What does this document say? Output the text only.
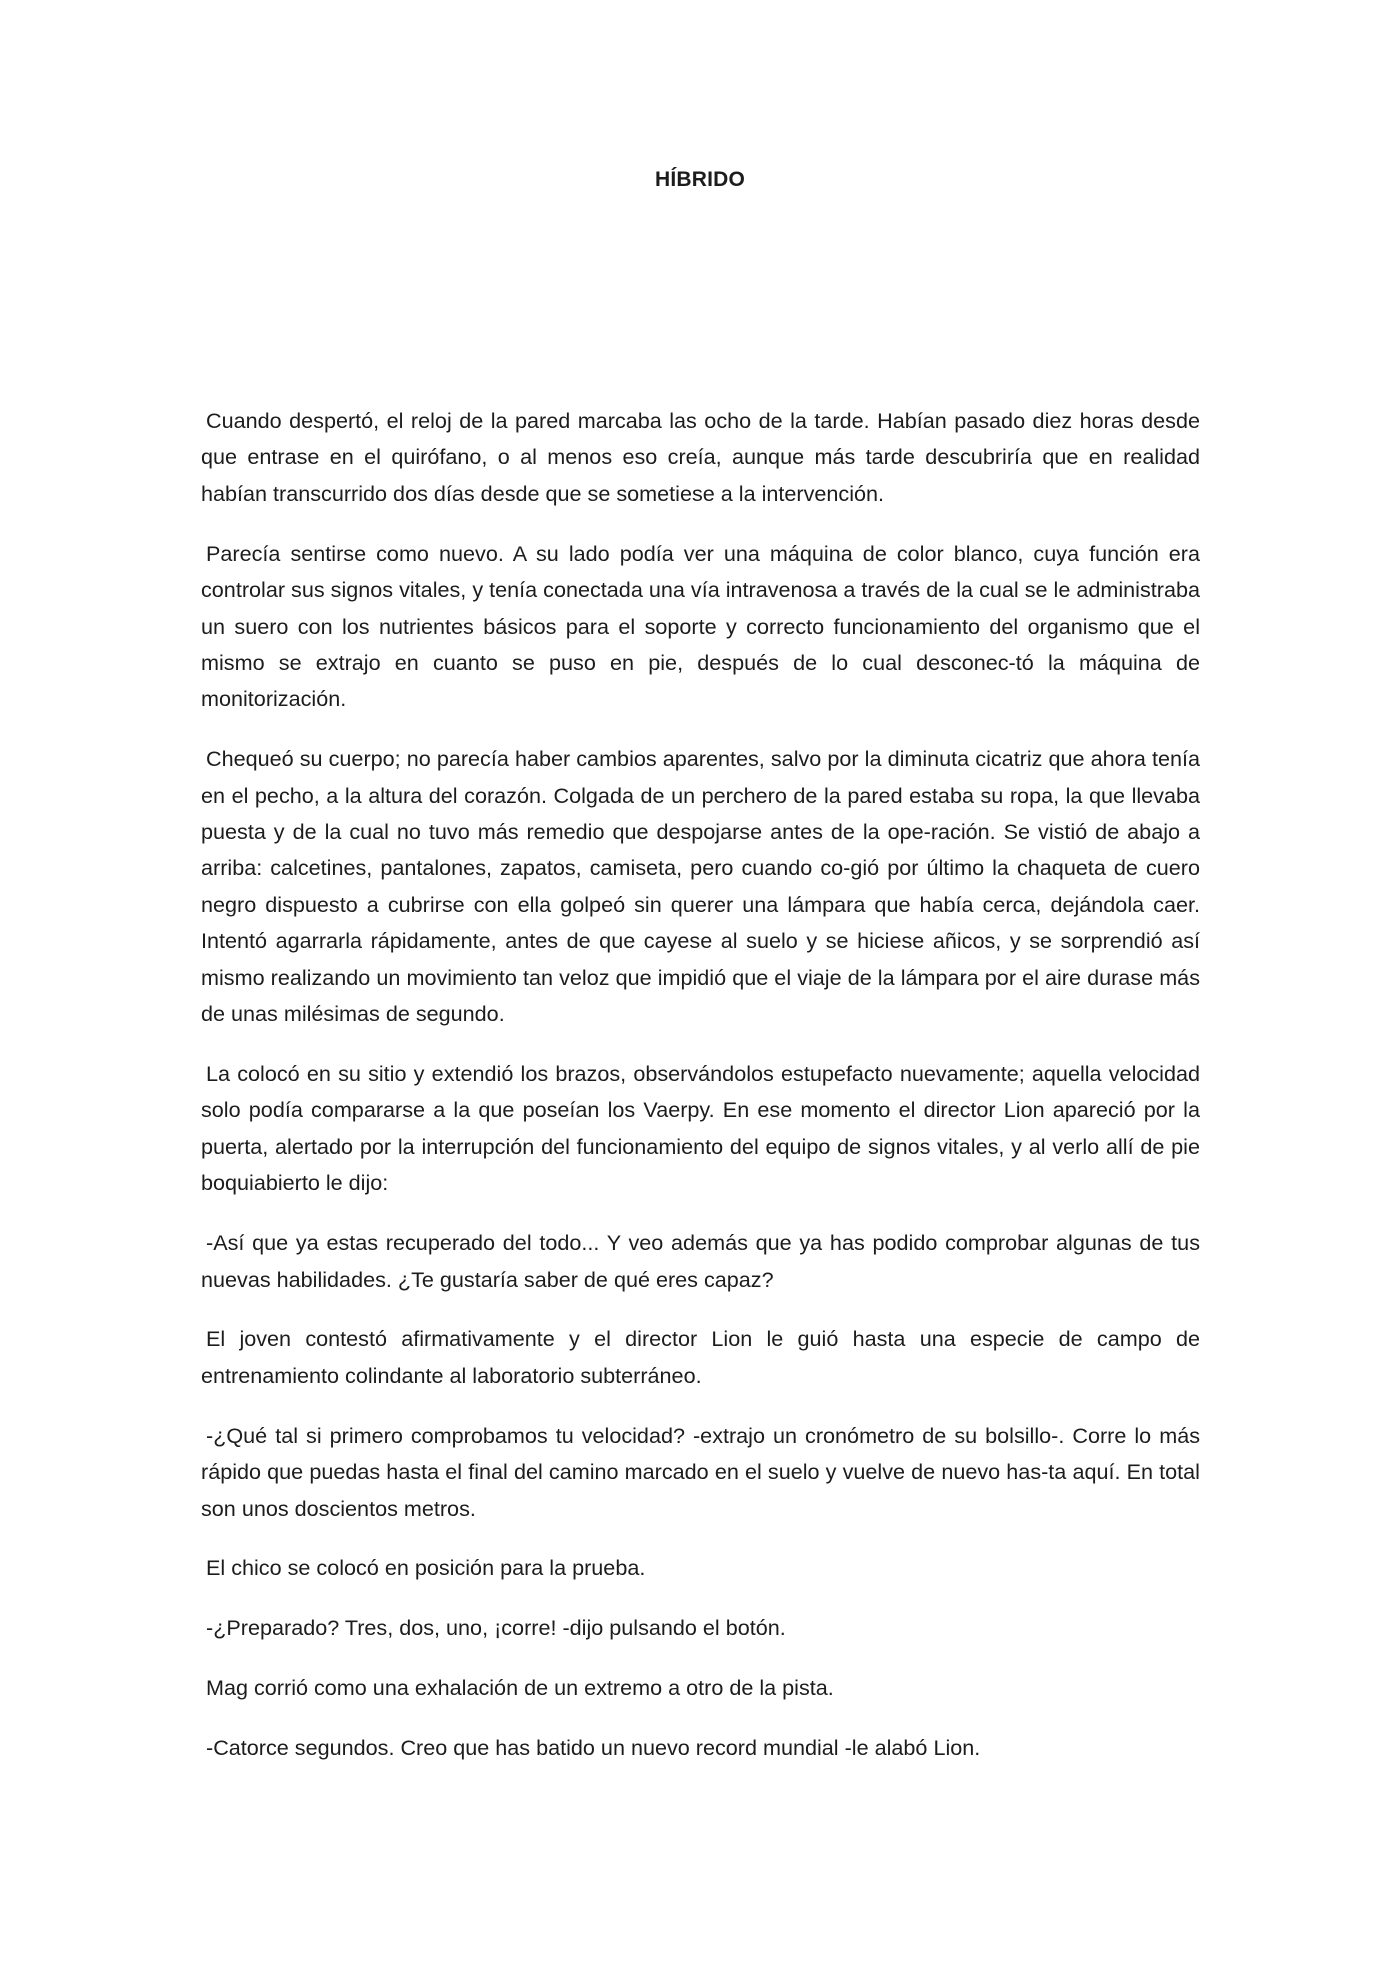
HÍBRIDO

Cuando despertó, el reloj de la pared marcaba las ocho de la tarde. Habían pasado diez horas desde que entrase en el quirófano, o al menos eso creía, aunque más tarde descubriría que en realidad habían transcurrido dos días desde que se sometiese a la intervención.

Parecía sentirse como nuevo. A su lado podía ver una máquina de color blanco, cuya función era controlar sus signos vitales, y tenía conectada una vía intravenosa a través de la cual se le administraba un suero con los nutrientes básicos para el soporte y correcto funcionamiento del organismo que el mismo se extrajo en cuanto se puso en pie, después de lo cual desconec-tó la máquina de monitorización.

Chequeó su cuerpo; no parecía haber cambios aparentes, salvo por la diminuta cicatriz que ahora tenía en el pecho, a la altura del corazón. Colgada de un perchero de la pared estaba su ropa, la que llevaba puesta y de la cual no tuvo más remedio que despojarse antes de la ope-ración. Se vistió de abajo a arriba: calcetines, pantalones, zapatos, camiseta, pero cuando co-gió por último la chaqueta de cuero negro dispuesto a cubrirse con ella golpeó sin querer una lámpara que había cerca, dejándola caer. Intentó agarrarla rápidamente, antes de que cayese al suelo y se hiciese añicos, y se sorprendió así mismo realizando un movimiento tan veloz que impidió que el viaje de la lámpara por el aire durase más de unas milésimas de segundo.

La colocó en su sitio y extendió los brazos, observándolos estupefacto nuevamente; aquella velocidad solo podía compararse a la que poseían los Vaerpy. En ese momento el director Lion apareció por la puerta, alertado por la interrupción del funcionamiento del equipo de signos vitales, y al verlo allí de pie boquiabierto le dijo:

-Así que ya estas recuperado del todo... Y veo además que ya has podido comprobar algunas de tus nuevas habilidades. ¿Te gustaría saber de qué eres capaz?

El joven contestó afirmativamente y el director Lion le guió hasta una especie de campo de entrenamiento colindante al laboratorio subterráneo.

-¿Qué tal si primero comprobamos tu velocidad? -extrajo un cronómetro de su bolsillo-. Corre lo más rápido que puedas hasta el final del camino marcado en el suelo y vuelve de nuevo has-ta aquí. En total son unos doscientos metros.

El chico se colocó en posición para la prueba.

-¿Preparado? Tres, dos, uno, ¡corre! -dijo pulsando el botón.

Mag corrió como una exhalación de un extremo a otro de la pista.

-Catorce segundos. Creo que has batido un nuevo record mundial -le alabó Lion.
